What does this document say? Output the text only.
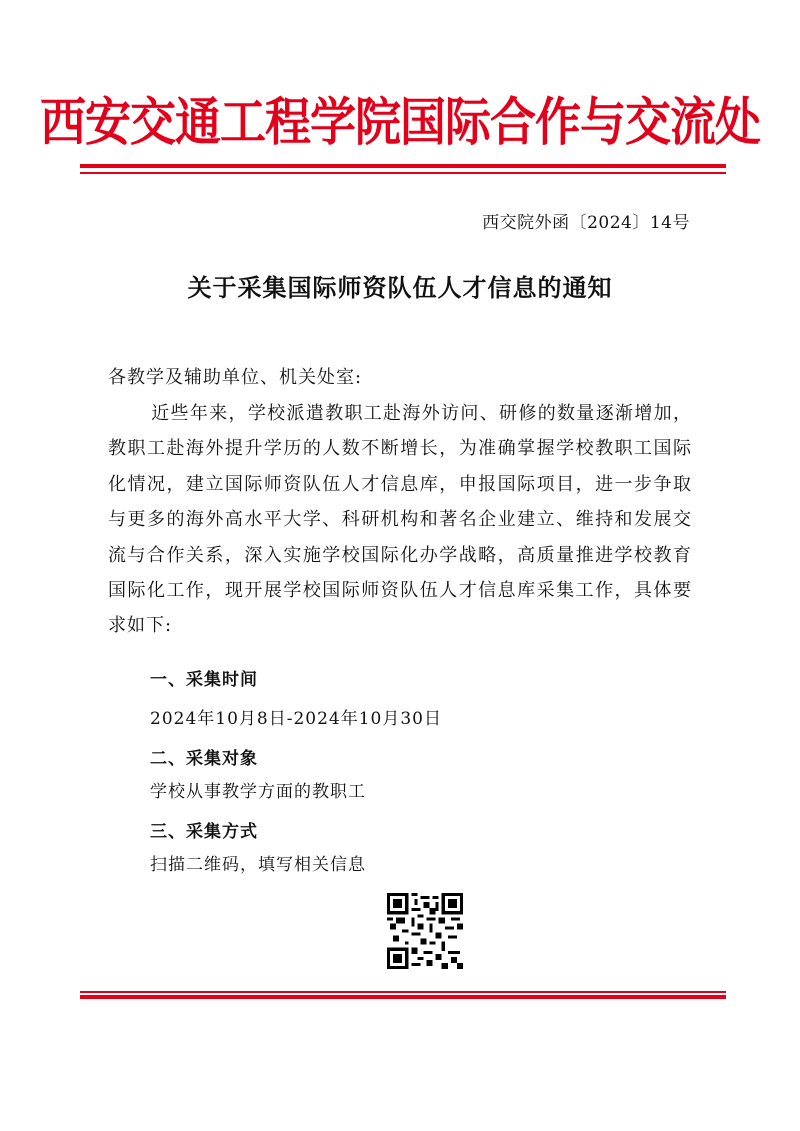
西安交通工程学院国际合作与交流处
西交院外函〔2024〕14号
关于采集国际师资队伍人才信息的通知
各教学及辅助单位、机关处室:

近些年来，学校派遣教职工赴海外访问、研修的数量逐渐增加，教职工赴海外提升学历的人数不断增长，为准确掌握学校教职工国际化情况，建立国际师资队伍人才信息库，申报国际项目，进一步争取与更多的海外高水平大学、科研机构和著名企业建立、维持和发展交流与合作关系，深入实施学校国际化办学战略，高质量推进学校教育国际化工作，现开展学校国际师资队伍人才信息库采集工作，具体要求如下:

一、采集时间
2024年10月8日-2024年10月30日
二、采集对象
学校从事教学方面的教职工
三、采集方式
扫描二维码，填写相关信息
